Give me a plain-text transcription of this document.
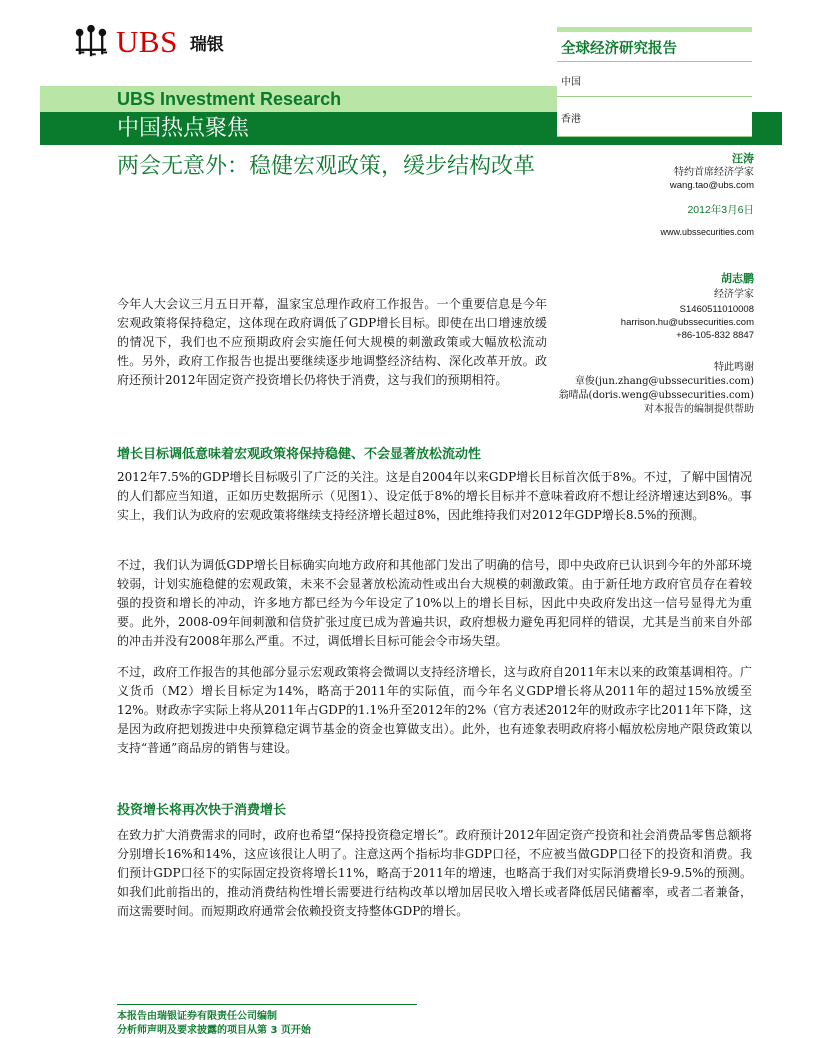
UBS 瑞银	全球经济研究报告
中国
UBS Investment Research
中国热点聚焦	香港
两会无意外：稳健宏观政策，缓步结构改革	汪涛
特约首席经济学家
wang.tao@ubs.com
2012年3月6日
www.ubssecurities.com
胡志鹏
经济学家
S1460511010008
harrison.hu@ubssecurities.com
+86-105-832 8847
特此鸣谢
章俊(jun.zhang@ubssecurities.com)
翁晴晶(doris.weng@ubssecurities.com)
对本报告的编制提供帮助
今年人大会议三月五日开幕，温家宝总理作政府工作报告。一个重要信息是今年宏观政策将保持稳定，这体现在政府调低了GDP增长目标。即使在出口增速放缓的情况下，我们也不应预期政府会实施任何大规模的刺激政策或大幅放松流动性。另外，政府工作报告也提出要继续逐步地调整经济结构、深化改革开放。政府还预计2012年固定资产投资增长仍将快于消费，这与我们的预期相符。
增长目标调低意味着宏观政策将保持稳健、不会显著放松流动性
2012年7.5%的GDP增长目标吸引了广泛的关注。这是自2004年以来GDP增长目标首次低于8%。不过，了解中国情况的人们都应当知道，正如历史数据所示（见图1）、设定低于8%的增长目标并不意味着政府不想让经济增速达到8%。事实上，我们认为政府的宏观政策将继续支持经济增长超过8%，因此维持我们对2012年GDP增长8.5%的预测。
不过，我们认为调低GDP增长目标确实向地方政府和其他部门发出了明确的信号，即中央政府已认识到今年的外部环境较弱，计划实施稳健的宏观政策，未来不会显著放松流动性或出台大规模的刺激政策。由于新任地方政府官员存在着较强的投资和增长的冲动，许多地方都已经为今年设定了10%以上的增长目标，因此中央政府发出这一信号显得尤为重要。此外，2008-09年间刺激和信贷扩张过度已成为普遍共识，政府想极力避免再犯同样的错误，尤其是当前来自外部的冲击并没有2008年那么严重。不过，调低增长目标可能会令市场失望。
不过，政府工作报告的其他部分显示宏观政策将会微调以支持经济增长，这与政府自2011年末以来的政策基调相符。广义货币（M2）增长目标定为14%，略高于2011年的实际值，而今年名义GDP增长将从2011年的超过15%放缓至12%。财政赤字实际上将从2011年占GDP的1.1%升至2012年的2%（官方表述2012年的财政赤字比2011年下降，这是因为政府把划拨进中央预算稳定调节基金的资金也算做支出）。此外，也有迹象表明政府将小幅放松房地产限贷政策以支持“普通”商品房的销售与建设。
投资增长将再次快于消费增长
在致力扩大消费需求的同时，政府也希望“保持投资稳定增长”。政府预计2012年固定资产投资和社会消费品零售总额将分别增长16%和14%，这应该很让人明了。注意这两个指标均非GDP口径，不应被当做GDP口径下的投资和消费。我们预计GDP口径下的实际固定投资将增长11%，略高于2011年的增速，也略高于我们对实际消费增长9-9.5%的预测。如我们此前指出的，推动消费结构性增长需要进行结构改革以增加居民收入增长或者降低居民储蓄率，或者二者兼备，而这需要时间。而短期政府通常会依赖投资支持整体GDP的增长。
本报告由瑞银证券有限责任公司编制
分析师声明及要求披露的项目从第 3 页开始
